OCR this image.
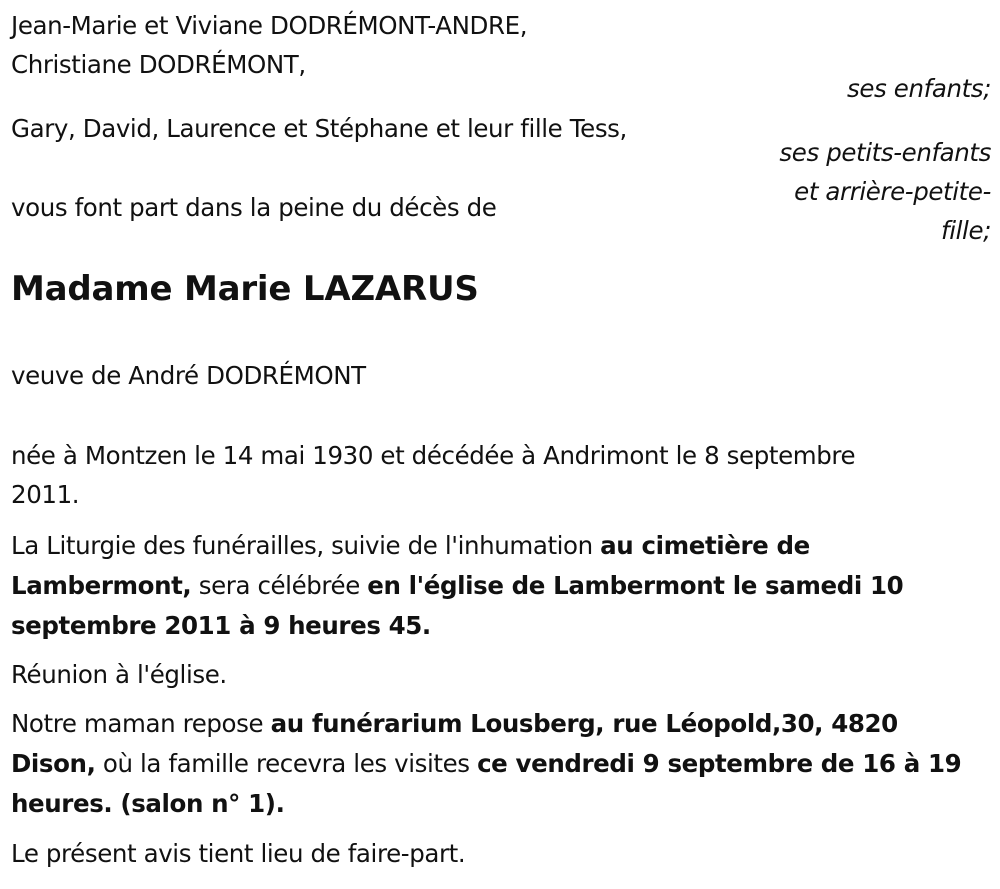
Jean-Marie et Viviane DODRÉMONT-ANDRE,
Christiane DODRÉMONT,
ses enfants;
Gary, David, Laurence et Stéphane et leur fille Tess,
ses petits-enfants
et arrière-petite-
fille;
vous font part dans la peine du décès de
Madame Marie LAZARUS
veuve de André DODRÉMONT
née à Montzen le 14 mai 1930 et décédée à Andrimont le 8 septembre
2011.
La Liturgie des funérailles, suivie de l'inhumation au cimetière de Lambermont, sera célébrée en l'église de Lambermont le samedi 10 septembre 2011 à 9 heures 45.
Réunion à l'église.
Notre maman repose au funérarium Lousberg, rue Léopold,30, 4820 Dison, où la famille recevra les visites ce vendredi 9 septembre de 16 à 19 heures. (salon n° 1).
Le présent avis tient lieu de faire-part.
